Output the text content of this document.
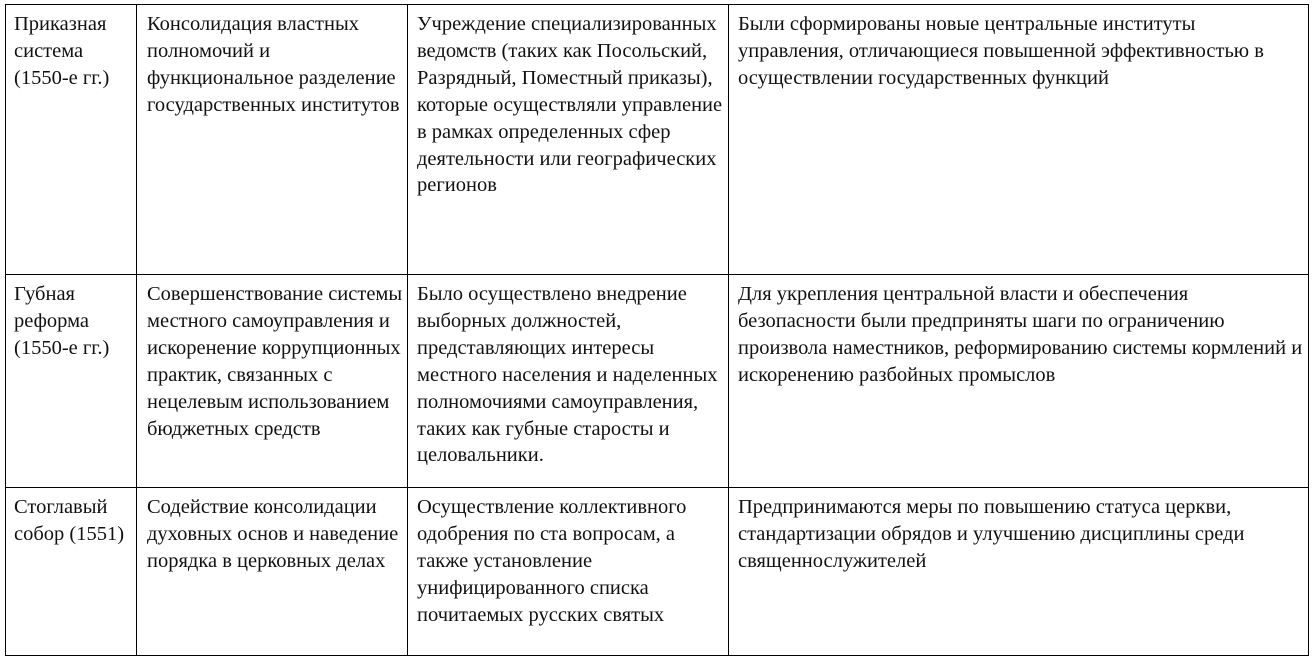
Приказная система (1550-е гг.)	Консолидация властных полномочий и функциональное разделение государственных институтов	Учреждение специализированных ведомств (таких как Посольский, Разрядный, Поместный приказы), которые осуществляли управление в рамках определенных сфер деятельности или географических регионов	Были сформированы новые центральные институты управления, отличающиеся повышенной эффективностью в осуществлении государственных функций

Губная реформа (1550-е гг.)	Совершенствование системы местного самоуправления и искоренение коррупционных практик, связанных с нецелевым использованием бюджетных средств	Было осуществлено внедрение выборных должностей, представляющих интересы местного населения и наделенных полномочиями самоуправления, таких как губные старосты и целовальники.	Для укрепления центральной власти и обеспечения безопасности были предприняты шаги по ограничению произвола наместников, реформированию системы кормлений и искоренению разбойных промыслов

Стоглавый собор (1551)	Содействие консолидации духовных основ и наведение порядка в церковных делах	Осуществление коллективного одобрения по ста вопросам, а также установление унифицированного списка почитаемых русских святых	Предпринимаются меры по повышению статуса церкви, стандартизации обрядов и улучшению дисциплины среди священнослужителей
